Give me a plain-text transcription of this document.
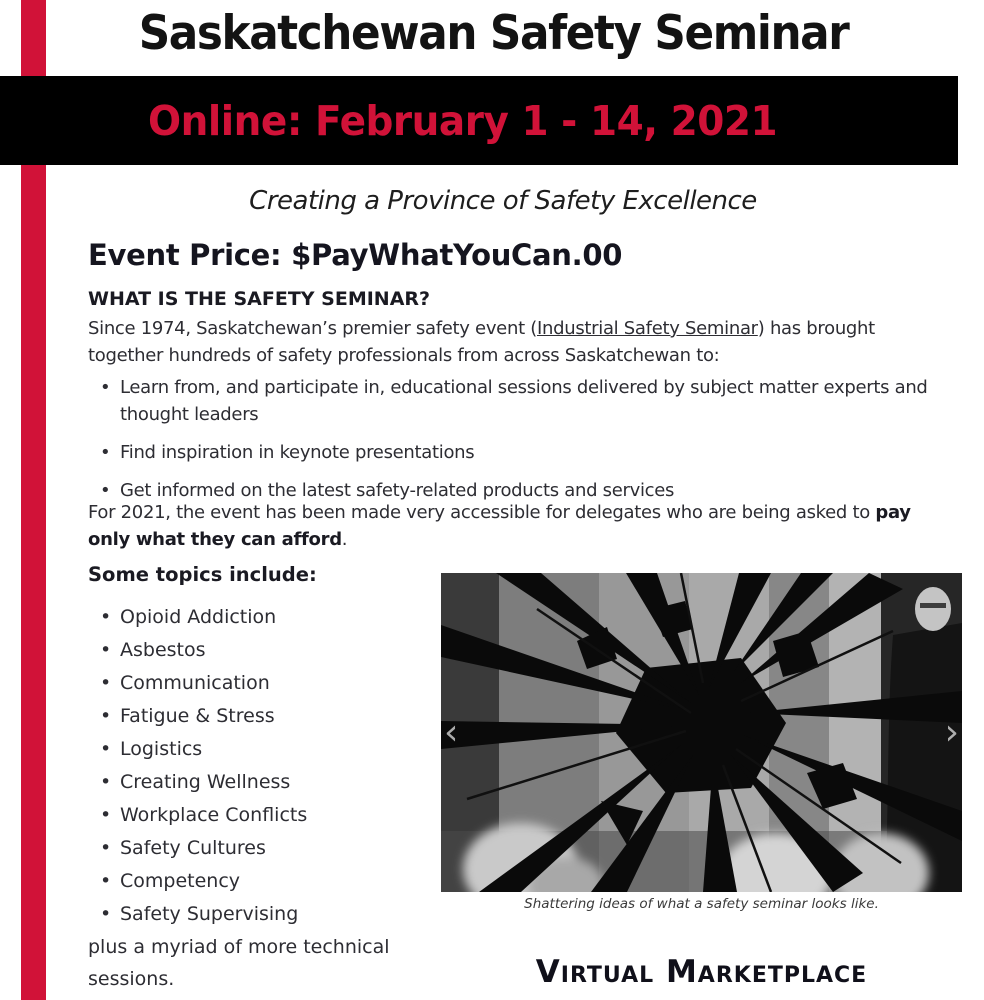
Saskatchewan Safety Seminar
Online: February 1 - 14, 2021
Creating a Province of Safety Excellence
Event Price: $PayWhatYouCan.00
WHAT IS THE SAFETY SEMINAR?

Since 1974, Saskatchewan’s premier safety event (Industrial Safety Seminar) has brought together hundreds of safety professionals from across Saskatchewan to:

• Learn from, and participate in, educational sessions delivered by subject matter experts and thought leaders
• Find inspiration in keynote presentations
• Get informed on the latest safety-related products and services

For 2021, the event has been made very accessible for delegates who are being asked to pay only what they can afford.

Some topics include:
• Opioid Addiction
• Asbestos
• Communication
• Fatigue & Stress
• Logistics
• Creating Wellness
• Workplace Conflicts
• Safety Cultures
• Competency
• Safety Supervising
plus a myriad of more technical sessions.
‹	›
Shattering ideas of what a safety seminar looks like.
Virtual Marketplace
